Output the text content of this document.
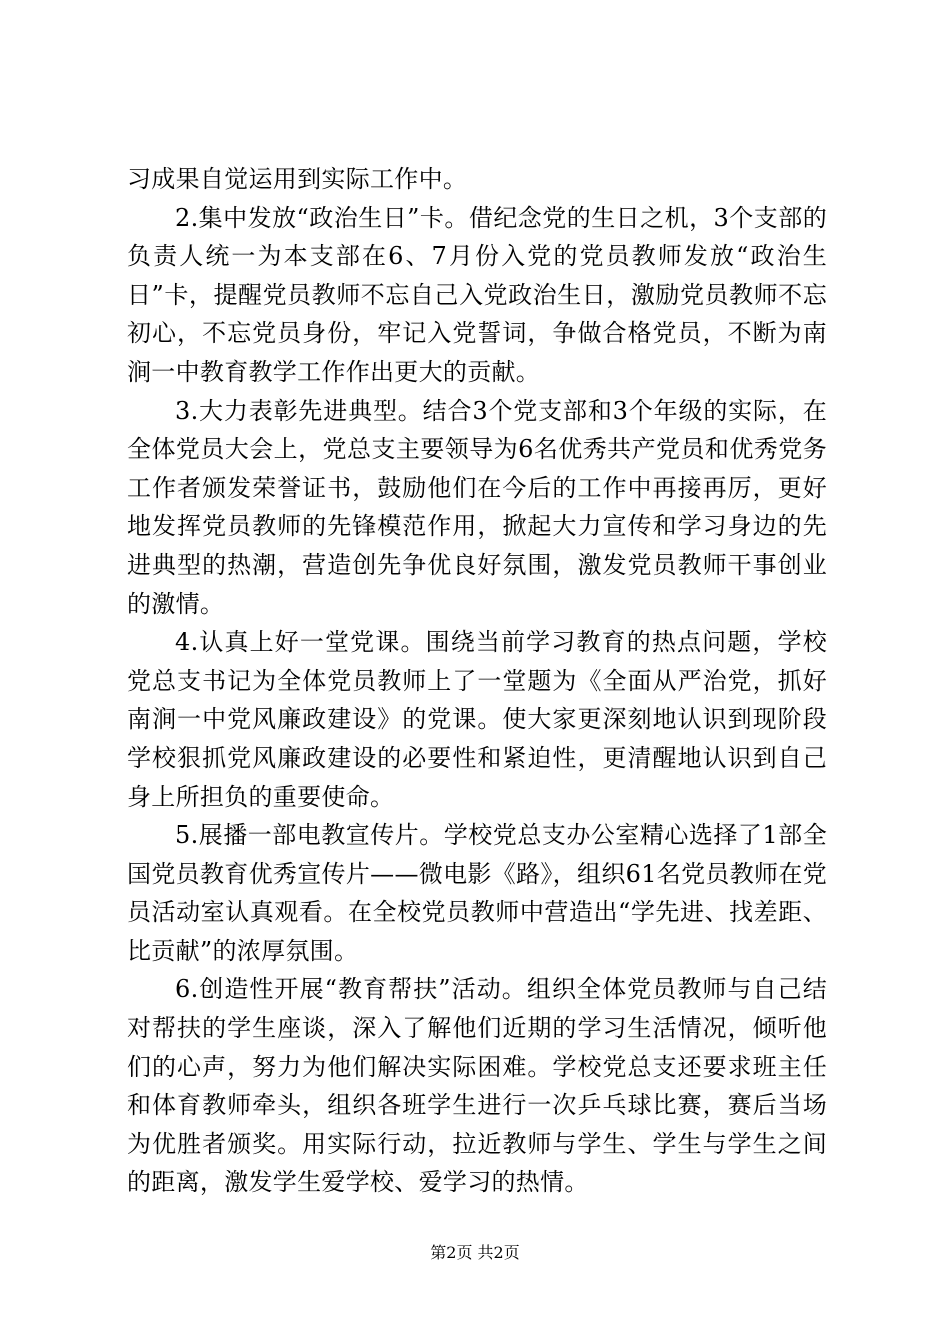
习成果自觉运用到实际工作中。

2.集中发放“政治生日”卡。借纪念党的生日之机，3个支部的负责人统一为本支部在6、7月份入党的党员教师发放“政治生日”卡，提醒党员教师不忘自己入党政治生日，激励党员教师不忘初心，不忘党员身份，牢记入党誓词，争做合格党员，不断为南涧一中教育教学工作作出更大的贡献。

3.大力表彰先进典型。结合3个党支部和3个年级的实际，在全体党员大会上，党总支主要领导为6名优秀共产党员和优秀党务工作者颁发荣誉证书，鼓励他们在今后的工作中再接再厉，更好地发挥党员教师的先锋模范作用，掀起大力宣传和学习身边的先进典型的热潮，营造创先争优良好氛围，激发党员教师干事创业的激情。

4.认真上好一堂党课。围绕当前学习教育的热点问题，学校党总支书记为全体党员教师上了一堂题为《全面从严治党，抓好南涧一中党风廉政建设》的党课。使大家更深刻地认识到现阶段学校狠抓党风廉政建设的必要性和紧迫性，更清醒地认识到自己身上所担负的重要使命。

5.展播一部电教宣传片。学校党总支办公室精心选择了1部全国党员教育优秀宣传片——微电影《路》，组织61名党员教师在党员活动室认真观看。在全校党员教师中营造出“学先进、找差距、比贡献”的浓厚氛围。

6.创造性开展“教育帮扶”活动。组织全体党员教师与自己结对帮扶的学生座谈，深入了解他们近期的学习生活情况，倾听他们的心声，努力为他们解决实际困难。学校党总支还要求班主任和体育教师牵头，组织各班学生进行一次乒乓球比赛，赛后当场为优胜者颁奖。用实际行动，拉近教师与学生、学生与学生之间的距离，激发学生爱学校、爱学习的热情。

第2页 共2页
